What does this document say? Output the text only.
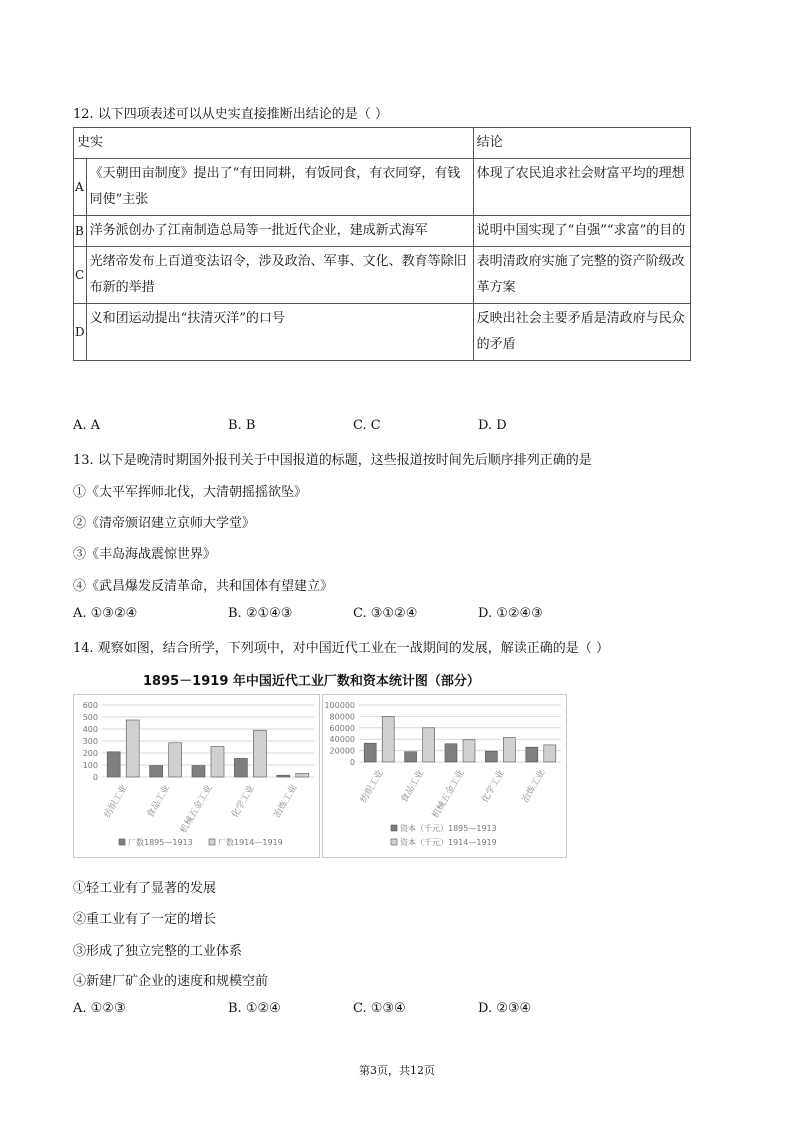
12. 以下四项表述可以从史实直接推断出结论的是（ ）
史实		结论
A	《天朝田亩制度》提出了“有田同耕，有饭同食，有衣同穿，有钱同使”主张	体现了农民追求社会财富平均的理想
B	洋务派创办了江南制造总局等一批近代企业，建成新式海军	说明中国实现了“自强”“求富”的目的
C	光绪帝发布上百道变法诏令，涉及政治、军事、文化、教育等除旧布新的举措	表明清政府实施了完整的资产阶级改革方案
D	义和团运动提出“扶清灭洋”的口号	反映出社会主要矛盾是清政府与民众的矛盾
A. A	B. B	C. C	D. D
13. 以下是晚清时期国外报刊关于中国报道的标题，这些报道按时间先后顺序排列正确的是
①《太平军挥师北伐，大清朝摇摇欲坠》
②《清帝颁诏建立京师大学堂》
③《丰岛海战震惊世界》
④《武昌爆发反清革命，共和国体有望建立》
A. ①③②④	B. ②①④③	C. ③①②④	D. ①②④③
14. 观察如图，结合所学，下列项中，对中国近代工业在一战期间的发展，解读正确的是（ ）
1895－1919 年中国近代工业厂数和资本统计图（部分）
600
500
400
300
200
100
0
纺织工业 食品工业 机械五金工业 化学工业 冶炼工业
厂数1895—1913	厂数1914—1919
100000
80000
60000
40000
20000
0
纺织工业 食品工业 机械五金工业 化学工业 冶炼工业
资本（千元）1895—1913
资本（千元）1914—1919
①轻工业有了显著的发展
②重工业有了一定的增长
③形成了独立完整的工业体系
④新建厂矿企业的速度和规模空前
A. ①②③	B. ①②④	C. ①③④	D. ②③④
第3页，共12页
